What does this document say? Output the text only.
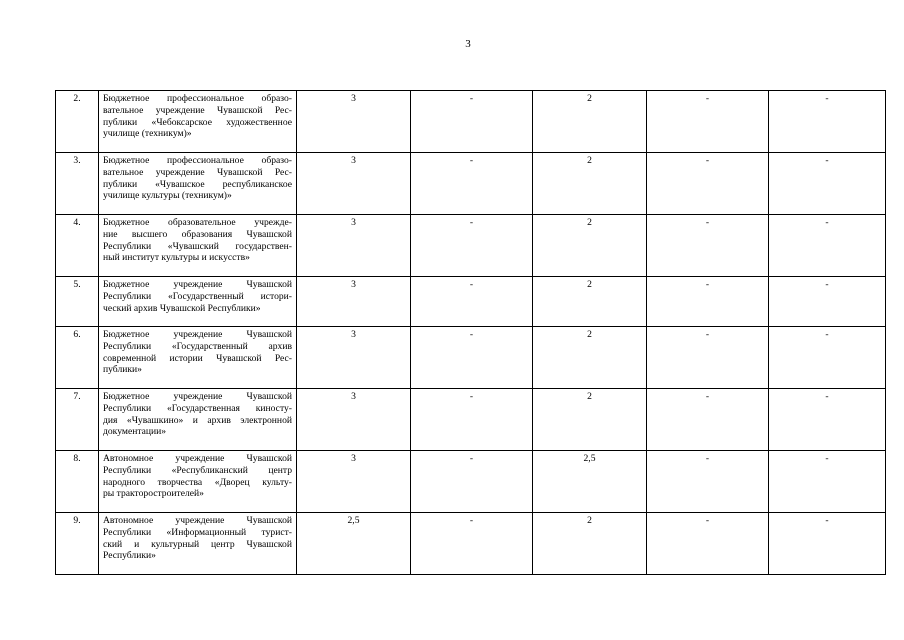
3
2.	Бюджетное профессиональное образо-
вательное учреждение Чувашской Рес-
публики «Чебоксарское художественное
училище (техникум)»	3	-	2	-	-
3.	Бюджетное профессиональное образо-
вательное учреждение Чувашской Рес-
публики «Чувашское республиканское
училище культуры (техникум)»	3	-	2	-	-
4.	Бюджетное образовательное учрежде-
ние высшего образования Чувашской
Республики «Чувашский государствен-
ный институт культуры и искусств»	3	-	2	-	-
5.	Бюджетное учреждение Чувашской
Республики «Государственный истори-
ческий архив Чувашской Республики»	3	-	2	-	-
6.	Бюджетное учреждение Чувашской
Республики «Государственный архив
современной истории Чувашской Рес-
публики»	3	-	2	-	-
7.	Бюджетное учреждение Чувашской
Республики «Государственная киносту-
дия «Чувашкино» и архив электронной
документации»	3	-	2	-	-
8.	Автономное учреждение Чувашской
Республики «Республиканский центр
народного творчества «Дворец культу-
ры тракторостроителей»	3	-	2,5	-	-
9.	Автономное учреждение Чувашской
Республики «Информационный турист-
ский и культурный центр Чувашской
Республики»	2,5	-	2	-	-
